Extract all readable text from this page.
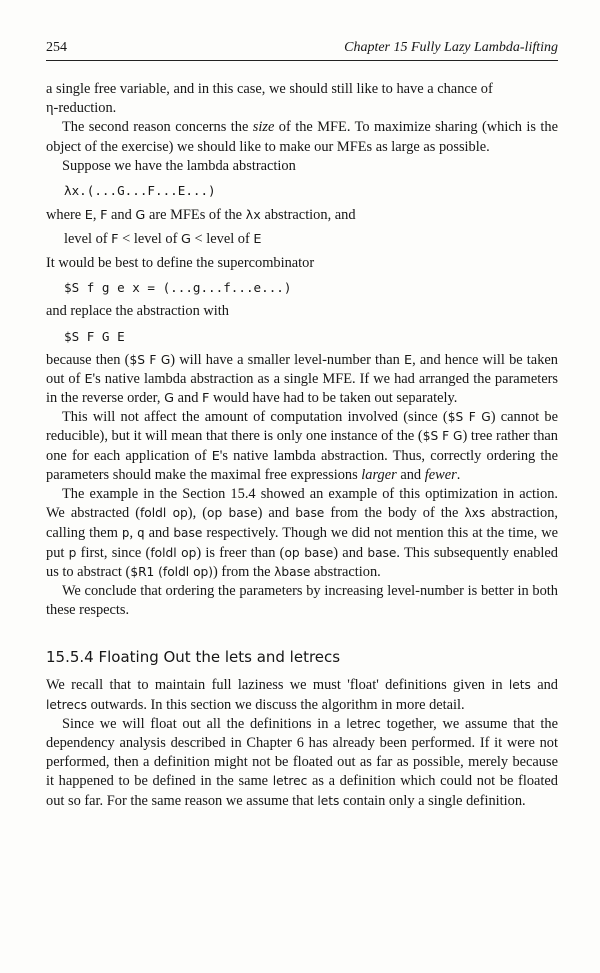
254	Chapter 15 Fully Lazy Lambda-lifting

a single free variable, and in this case, we should still like to have a chance of
η-reduction.

The second reason concerns the size of the MFE. To maximize sharing (which is the object of the exercise) we should like to make our MFEs as large as possible.

Suppose we have the lambda abstraction

λx.(...G...F...E...)

where E, F and G are MFEs of the λx abstraction, and

level of F < level of G < level of E

It would be best to define the supercombinator

$S f g e x = (...g...f...e...)

and replace the abstraction with

$S F G E

because then ($S F G) will have a smaller level-number than E, and hence will be taken out of E's native lambda abstraction as a single MFE. If we had arranged the parameters in the reverse order, G and F would have had to be taken out separately.

This will not affect the amount of computation involved (since ($S F G) cannot be reducible), but it will mean that there is only one instance of the ($S F G) tree rather than one for each application of E's native lambda abstraction. Thus, correctly ordering the parameters should make the maximal free expressions larger and fewer.

The example in the Section 15.4 showed an example of this optimization in action. We abstracted (foldl op), (op base) and base from the body of the λxs abstraction, calling them p, q and base respectively. Though we did not mention this at the time, we put p first, since (foldl op) is freer than (op base) and base. This subsequently enabled us to abstract ($R1 (foldl op)) from the λbase abstraction.

We conclude that ordering the parameters by increasing level-number is better in both these respects.

15.5.4 Floating Out the lets and letrecs

We recall that to maintain full laziness we must 'float' definitions given in lets and letrecs outwards. In this section we discuss the algorithm in more detail.

Since we will float out all the definitions in a letrec together, we assume that the dependency analysis described in Chapter 6 has already been performed. If it were not performed, then a definition might not be floated out as far as possible, merely because it happened to be defined in the same letrec as a definition which could not be floated out so far. For the same reason we assume that lets contain only a single definition.
